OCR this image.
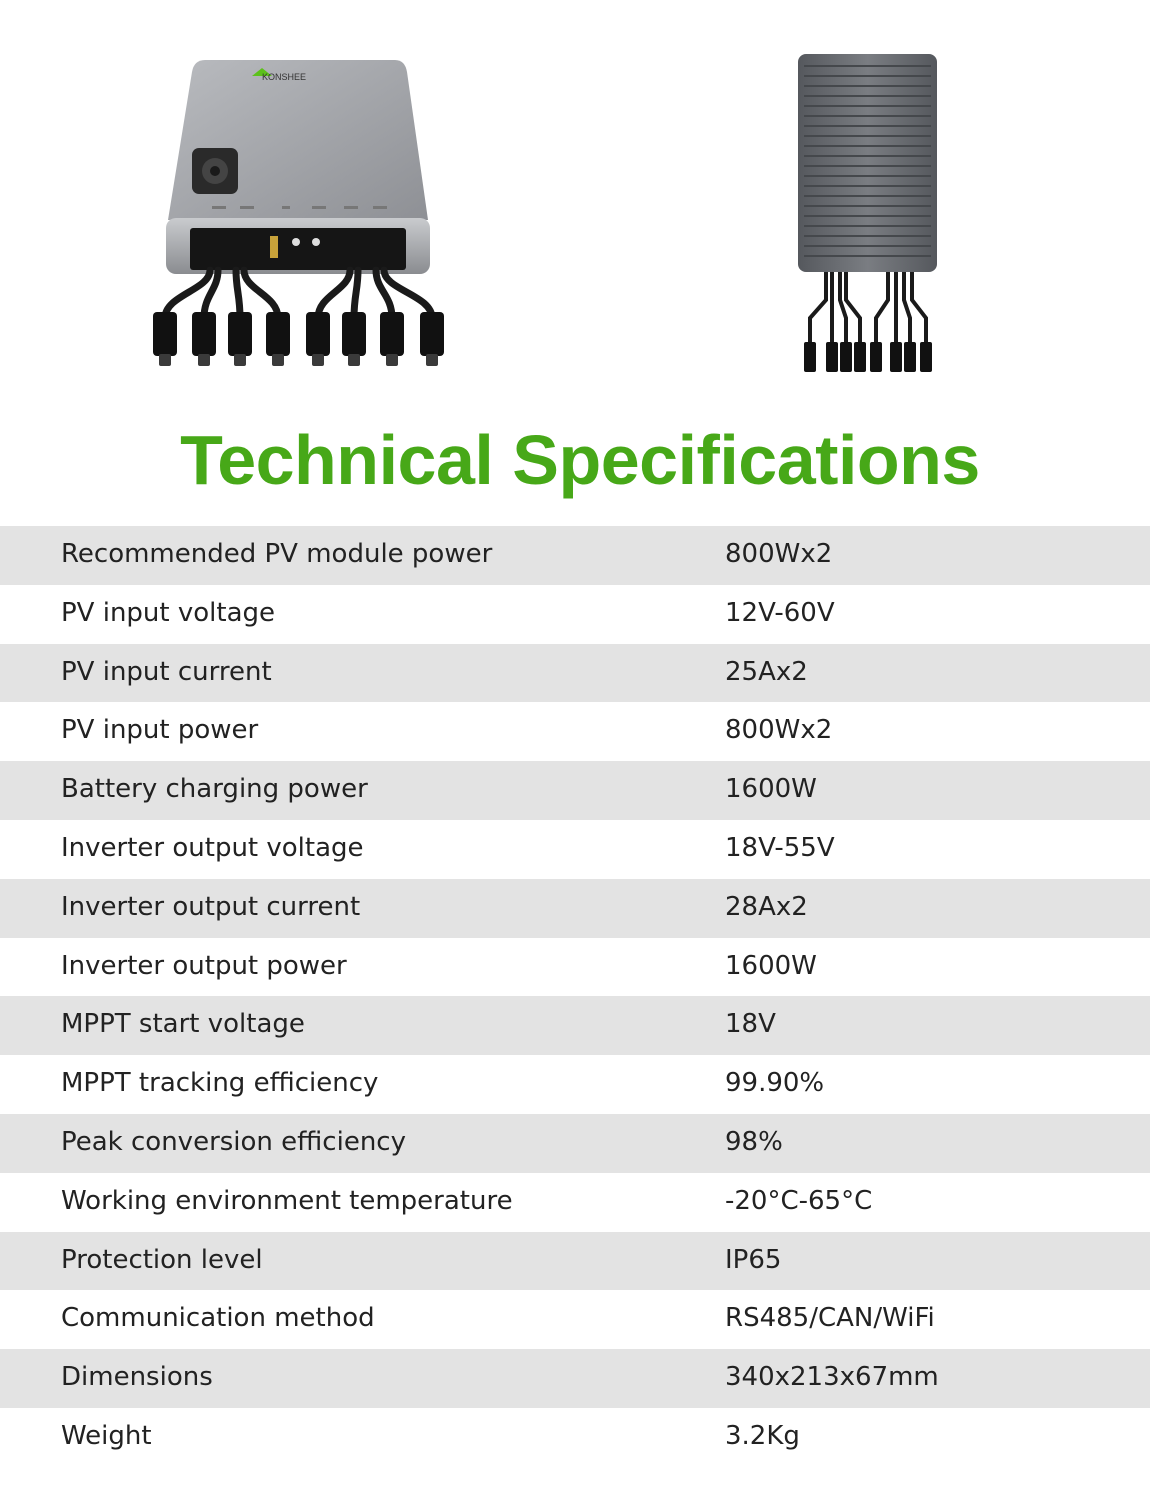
KONSHEE
Technical Specifications
Recommended PV module power	800Wx2
PV input voltage	12V-60V
PV input current	25Ax2
PV input power	800Wx2
Battery charging power	1600W
Inverter output voltage	18V-55V
Inverter output current	28Ax2
Inverter output power	1600W
MPPT start voltage	18V
MPPT tracking efficiency	99.90%
Peak conversion efficiency	98%
Working environment temperature	-20°C-65°C
Protection level	IP65
Communication method	RS485/CAN/WiFi
Dimensions	340x213x67mm
Weight	3.2Kg
